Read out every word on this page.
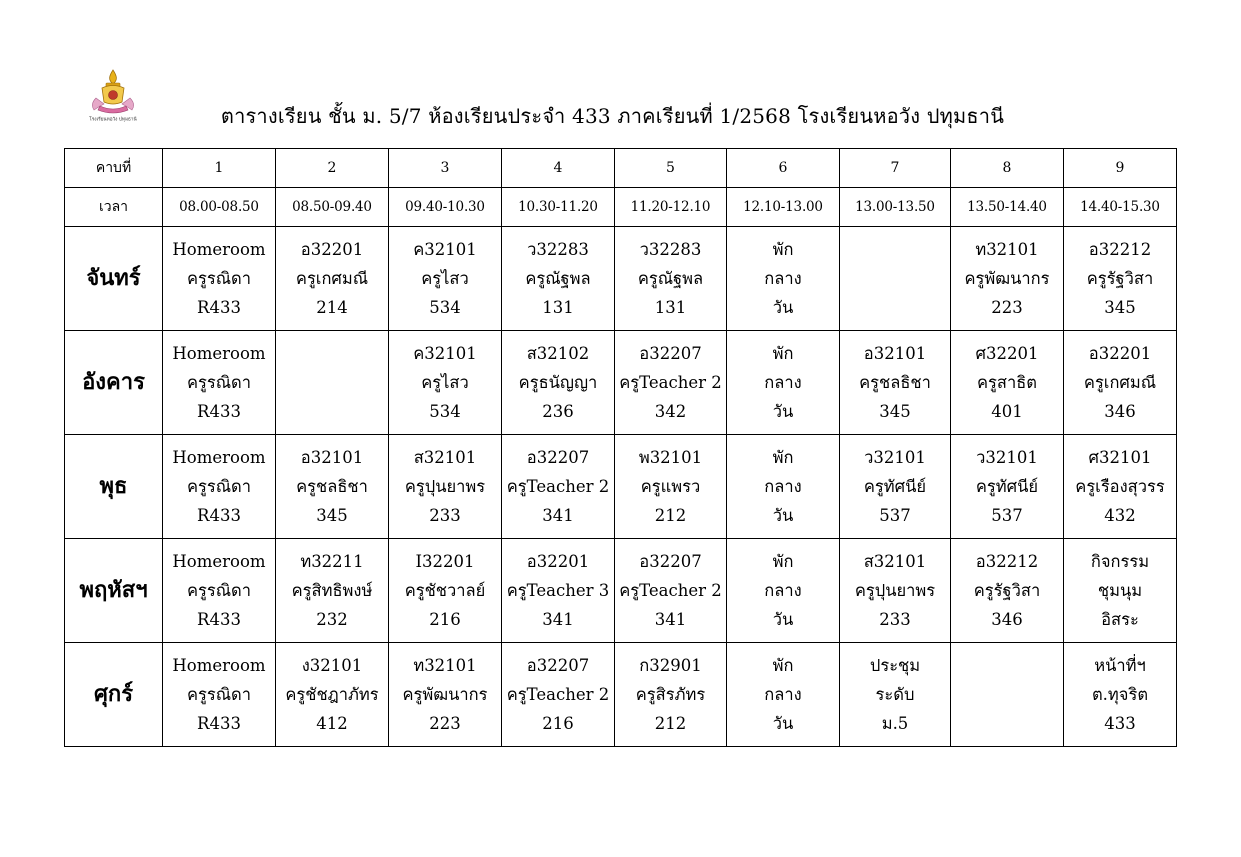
โรงเรียนหอวัง ปทุมธานี	ตารางเรียน ชั้น ม. 5/7 ห้องเรียนประจำ 433 ภาคเรียนที่ 1/2568 โรงเรียนหอวัง ปทุมธานี
คาบที่	1	2	3	4	5	6	7	8	9
เวลา	08.00-08.50	08.50-09.40	09.40-10.30	10.30-11.20	11.20-12.10	12.10-13.00	13.00-13.50	13.50-14.40	14.40-15.30
จันทร์	Homeroom
ครูรณิดา
R433	อ32201
ครูเกศมณี
214	ค32101
ครูไสว
534	ว32283
ครูณัฐพล
131	ว32283
ครูณัฐพล
131	พัก
กลาง
วัน		ท32101
ครูพัฒนากร
223	อ32212
ครูรัฐวิสา
345

อังคาร	Homeroom
ครูรณิดา
R433		ค32101
ครูไสว
534	ส32102
ครูธนัญญา
236	อ32207
ครูTeacher 2
342	พัก
กลาง
วัน	อ32101
ครูชลธิชา
345	ศ32201
ครูสาธิต
401	อ32201
ครูเกศมณี
346

พุธ	Homeroom
ครูรณิดา
R433	อ32101
ครูชลธิชา
345	ส32101
ครูปุนยาพร
233	อ32207
ครูTeacher 2
341	พ32101
ครูแพรว
212	พัก
กลาง
วัน	ว32101
ครูทัศนีย์
537	ว32101
ครูทัศนีย์
537	ศ32101
ครูเรืองสุวรร
432

พฤหัสฯ	Homeroom
ครูรณิดา
R433	ท32211
ครูสิทธิพงษ์
232	I32201
ครูชัชวาลย์
216	อ32201
ครูTeacher 3
341	อ32207
ครูTeacher 2
341	พัก
กลาง
วัน	ส32101
ครูปุนยาพร
233	อ32212
ครูรัฐวิสา
346	กิจกรรม
ชุมนุม
อิสระ

ศุกร์	Homeroom
ครูรณิดา
R433	ง32101
ครูชัชฎาภัทร
412	ท32101
ครูพัฒนากร
223	อ32207
ครูTeacher 2
216	ก32901
ครูสิรภัทร
212	พัก
กลาง
วัน	ประชุม
ระดับ
ม.5		หน้าที่ฯ
ต.ทุจริต
433
